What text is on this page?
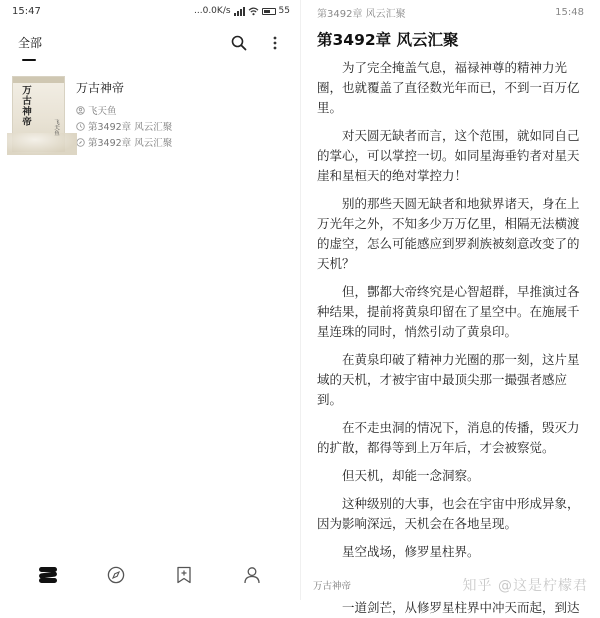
15:47	...0.0K/s	55
全部
万古神帝
飞天鱼
万古神帝
飞天鱼
第3492章 风云汇聚
第3492章 风云汇聚
第3492章 风云汇聚	15:48
第3492章 风云汇聚

为了完全掩盖气息，福禄神尊的精神力光圈，也就覆盖了直径数光年而已，不到一百万亿里。

对天圆无缺者而言，这个范围，就如同自己的掌心，可以掌控一切。如同星海垂钓者对星天崖和星桓天的绝对掌控力！

别的那些天圆无缺者和地狱界诸天，身在上万光年之外，不知多少万万亿里，相隔无法横渡的虚空，怎么可能感应到罗刹族被刻意改变了的天机？

但，酆都大帝终究是心智超群，早推演过各种结果，提前将黄泉印留在了星空中。在施展千星连珠的同时，悄然引动了黄泉印。

在黄泉印破了精神力光圈的那一刻，这片星域的天机，才被宇宙中最顶尖那一撮强者感应到。

在不走虫洞的情况下，消息的传播，毁灭力的扩散，都得等到上万年后，才会被察觉。

但天机，却能一念洞察。

这种级别的大事，也会在宇宙中形成异象，因为影响深远，天机会在各地呈现。

星空战场，修罗星柱界。

一道剑芒，从修罗星柱界中冲天而起，到达

万古神帝	知乎 @这是柠檬君
